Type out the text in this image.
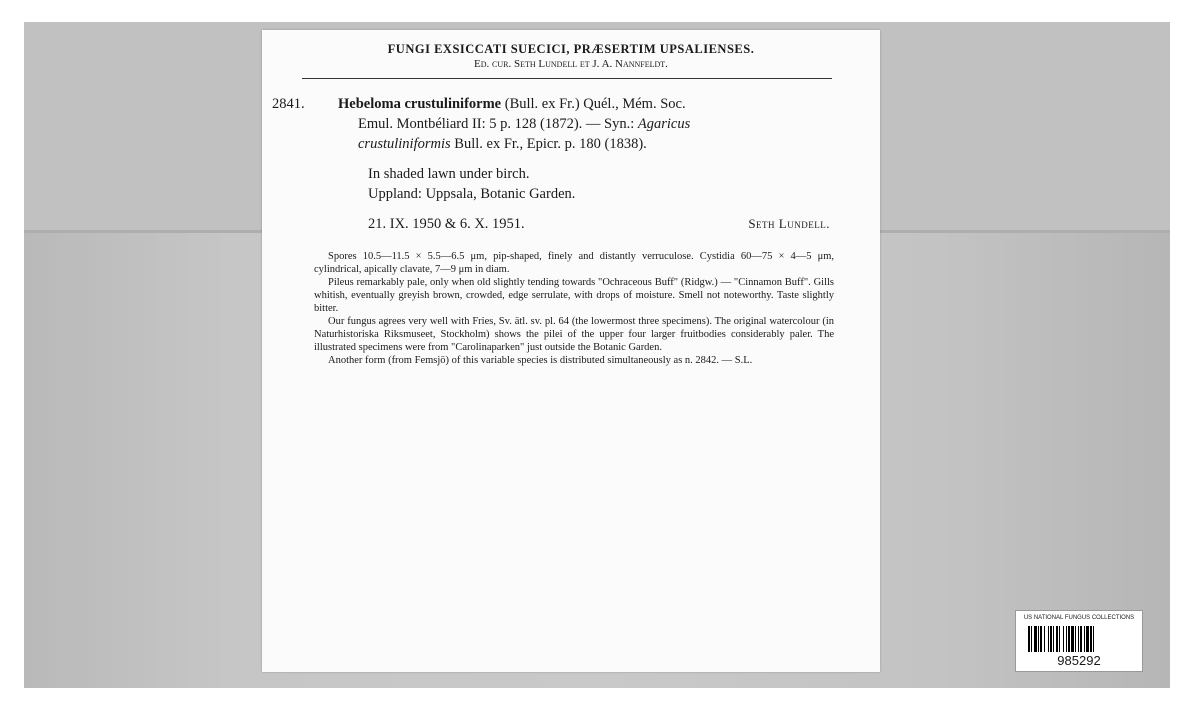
FUNGI EXSICCATI SUECICI, PRÆSERTIM UPSALIENSES.
Ed. cur. Seth Lundell et J. A. Nannfeldt.
2841. Hebeloma crustuliniforme (Bull. ex Fr.) Quél., Mém. Soc.
Emul. Montbéliard II: 5 p. 128 (1872). — Syn.: Agaricus
crustuliniformis Bull. ex Fr., Epicr. p. 180 (1838).
In shaded lawn under birch.
Uppland: Uppsala, Botanic Garden.
21. IX. 1950 & 6. X. 1951.	Seth Lundell.

Spores 10.5—11.5 × 5.5—6.5 μm, pip-shaped, finely and distantly verruculose. Cystidia 60—75 × 4—5 μm, cylindrical, apically clavate, 7—9 μm in diam.

Pileus remarkably pale, only when old slightly tending towards "Ochraceous Buff" (Ridgw.) — "Cinnamon Buff". Gills whitish, eventually greyish brown, crowded, edge serrulate, with drops of moisture. Smell not noteworthy. Taste slightly bitter.

Our fungus agrees very well with Fries, Sv. ätl. sv. pl. 64 (the lowermost three specimens). The original watercolour (in Naturhistoriska Riksmuseet, Stockholm) shows the pilei of the upper four larger fruitbodies considerably paler. The illustrated specimens were from "Carolinaparken" just outside the Botanic Garden.

Another form (from Femsjö) of this variable species is distributed simultaneously as n. 2842. — S.L.

US NATIONAL FUNGUS COLLECTIONS
985292
